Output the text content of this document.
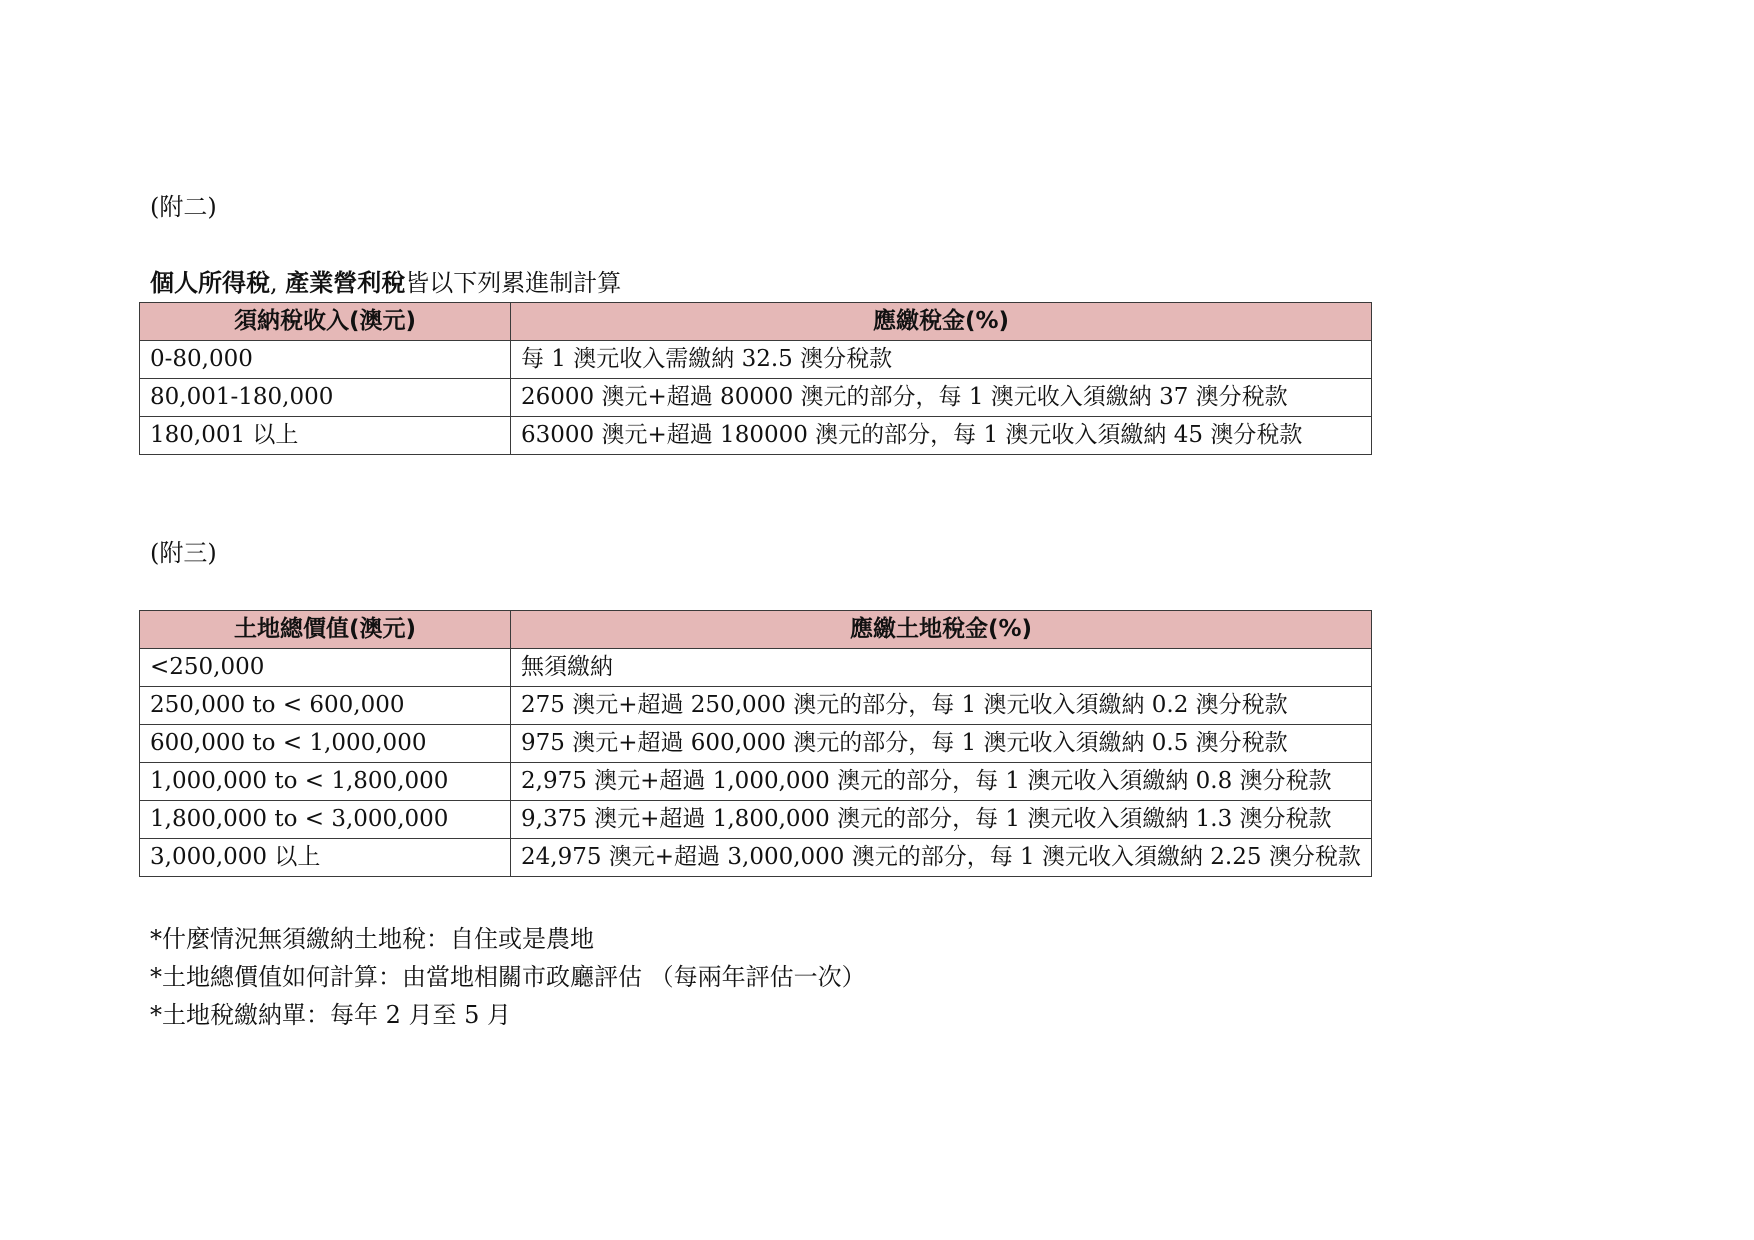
(附二)
個人所得稅, 產業營利稅皆以下列累進制計算
須納稅收入(澳元)	應繳稅金(%)
0-80,000	每 1 澳元收入需繳納 32.5 澳分稅款
80,001-180,000	26000 澳元+超過 80000 澳元的部分，每 1 澳元收入須繳納 37 澳分稅款
180,001 以上	63000 澳元+超過 180000 澳元的部分，每 1 澳元收入須繳納 45 澳分稅款
(附三)
土地總價值(澳元)	應繳土地稅金(%)
<250,000	無須繳納
250,000 to < 600,000	275 澳元+超過 250,000 澳元的部分，每 1 澳元收入須繳納 0.2 澳分稅款
600,000 to < 1,000,000	975 澳元+超過 600,000 澳元的部分，每 1 澳元收入須繳納 0.5 澳分稅款
1,000,000 to < 1,800,000	2,975 澳元+超過 1,000,000 澳元的部分，每 1 澳元收入須繳納 0.8 澳分稅款
1,800,000 to < 3,000,000	9,375 澳元+超過 1,800,000 澳元的部分，每 1 澳元收入須繳納 1.3 澳分稅款
3,000,000 以上	24,975 澳元+超過 3,000,000 澳元的部分，每 1 澳元收入須繳納 2.25 澳分稅款
*什麼情況無須繳納土地稅：自住或是農地
*土地總價值如何計算：由當地相關市政廳評估 （每兩年評估一次）
*土地稅繳納單：每年 2 月至 5 月
